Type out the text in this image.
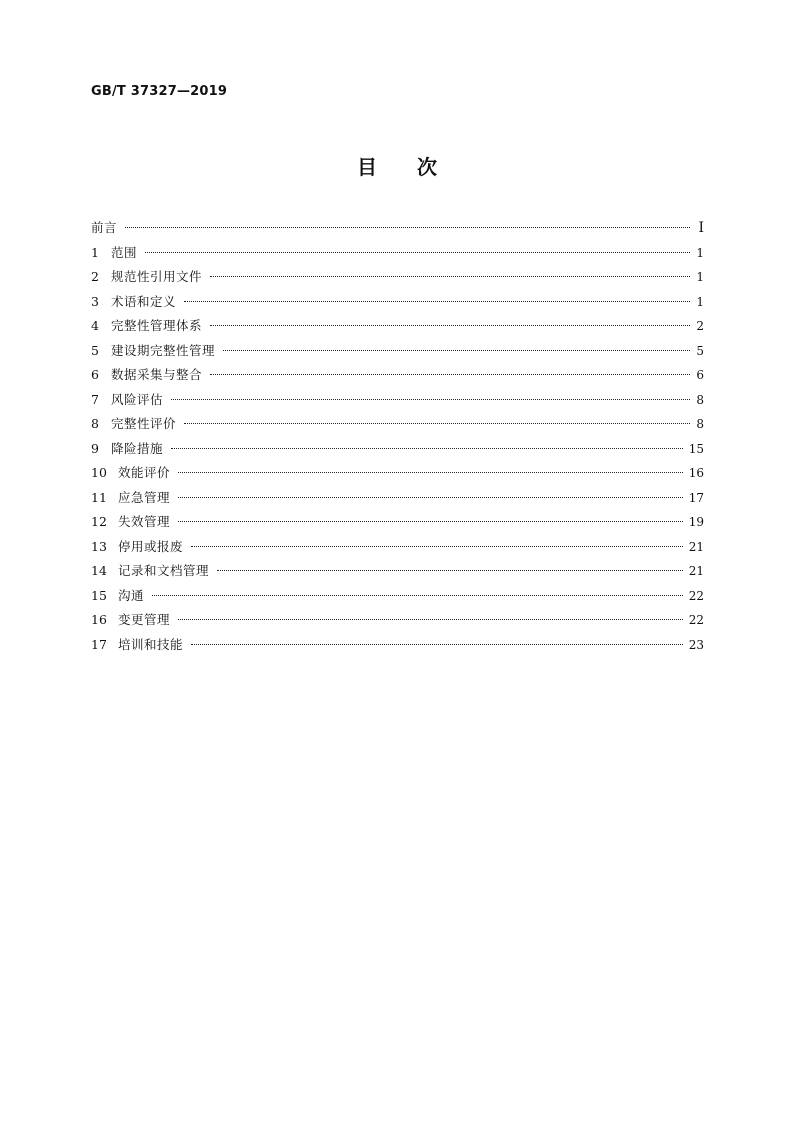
GB/T 37327—2019
目次
前言	Ⅰ
1 范围	1
2 规范性引用文件	1
3 术语和定义	1
4 完整性管理体系	2
5 建设期完整性管理	5
6 数据采集与整合	6
7 风险评估	8
8 完整性评价	8
9 降险措施	15
10 效能评价	16
11 应急管理	17
12 失效管理	19
13 停用或报废	21
14 记录和文档管理	21
15 沟通	22
16 变更管理	22
17 培训和技能	23
